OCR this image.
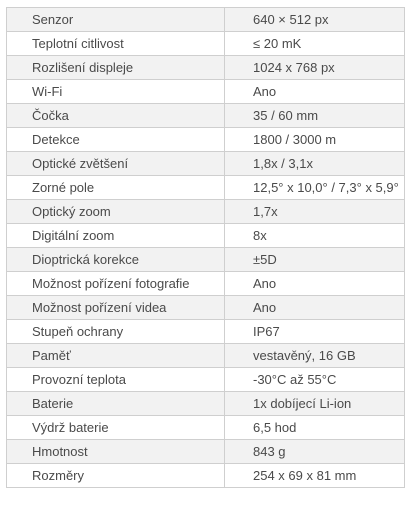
Senzor	640 × 512 px
Teplotní citlivost	≤ 20 mK
Rozlišení displeje	1024 x 768 px
Wi-Fi	Ano
Čočka	35 / 60 mm
Detekce	1800 / 3000 m
Optické zvětšení	1,8x / 3,1x
Zorné pole	12,5° x 10,0° / 7,3° x 5,9°
Optický zoom	1,7x
Digitální zoom	8x
Dioptrická korekce	±5D
Možnost pořízení fotografie	Ano
Možnost pořízení videa	Ano
Stupeň ochrany	IP67
Paměť	vestavěný, 16 GB
Provozní teplota	-30°C až 55°C
Baterie	1x dobíjecí Li-ion
Výdrž baterie	6,5 hod
Hmotnost	843 g
Rozměry	254 x 69 x 81 mm
